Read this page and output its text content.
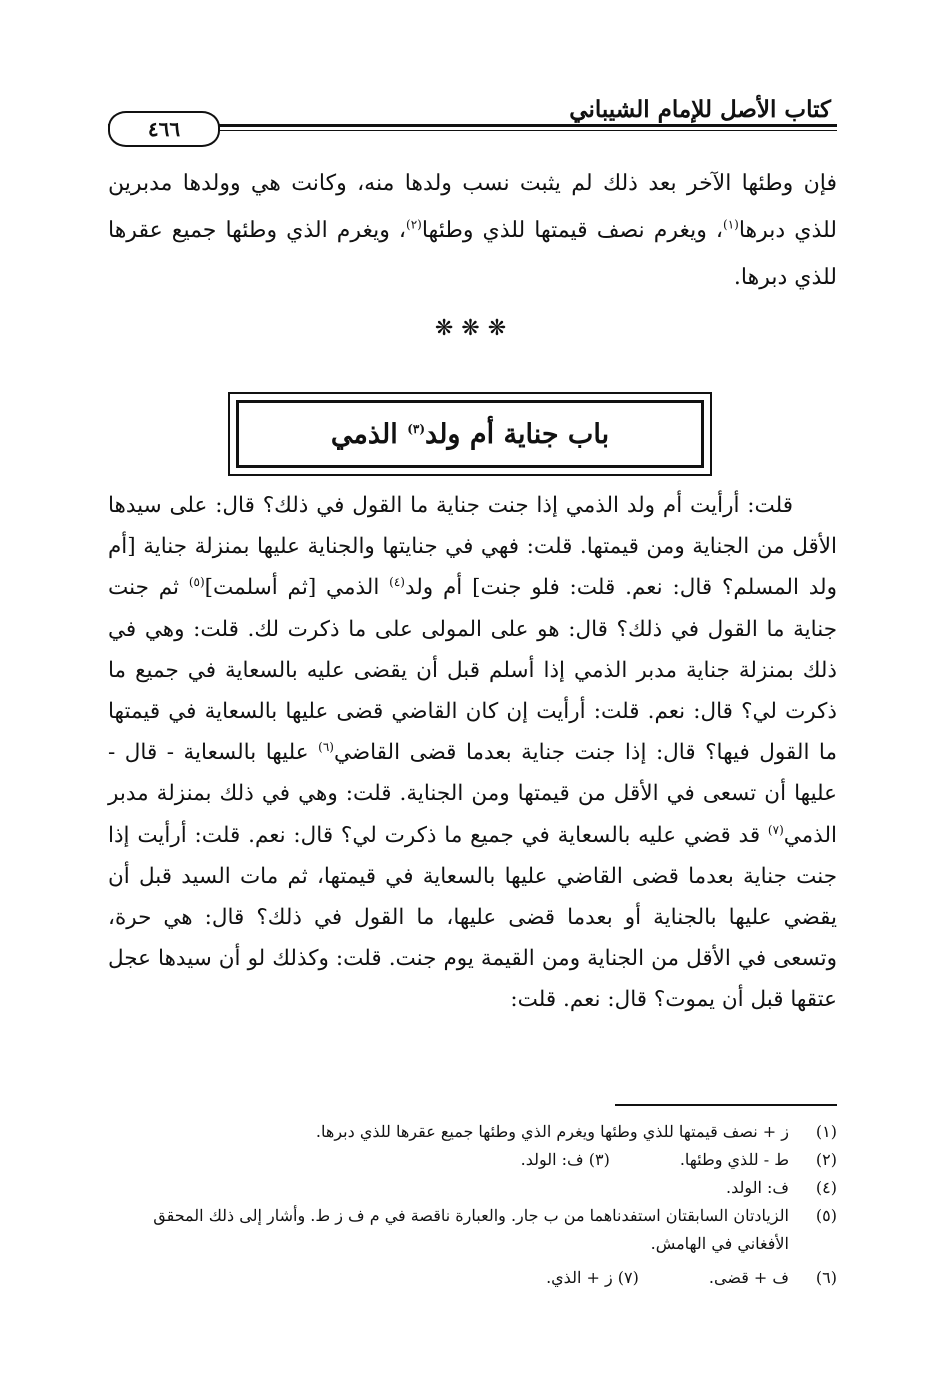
كتاب الأصل للإمام الشيباني
٤٦٦
فإن وطئها الآخر بعد ذلك لم يثبت نسب ولدها منه، وكانت هي وولدها مدبرين للذي دبرها$^{(١)}$، ويغرم نصف قيمتها للذي وطئها$^{(٢)}$، ويغرم الذي وطئها جميع عقرها للذي دبرها.
❋❋❋
باب جناية أم ولد$^{(٣)}$ الذمي
قلت: أرأيت أم ولد الذمي إذا جنت جناية ما القول في ذلك؟ قال: على سيدها الأقل من الجناية ومن قيمتها. قلت: فهي في جنايتها والجناية عليها بمنزلة جناية [أم ولد المسلم؟ قال: نعم. قلت: فلو جنت] أم ولد$^{(٤)}$ الذمي [ثم أسلمت]$^{(٥)}$ ثم جنت جناية ما القول في ذلك؟ قال: هو على المولى على ما ذكرت لك. قلت: وهي في ذلك بمنزلة جناية مدبر الذمي إذا أسلم قبل أن يقضى عليه بالسعاية في جميع ما ذكرت لي؟ قال: نعم. قلت: أرأيت إن كان القاضي قضى عليها بالسعاية في قيمتها ما القول فيها؟ قال: إذا جنت جناية بعدما قضى القاضي$^{(٦)}$ عليها بالسعاية - قال - عليها أن تسعى في الأقل من قيمتها ومن الجناية. قلت: وهي في ذلك بمنزلة مدبر الذمي$^{(٧)}$ قد قضي عليه بالسعاية في جميع ما ذكرت لي؟ قال: نعم. قلت: أرأيت إذا جنت جناية بعدما قضى القاضي عليها بالسعاية في قيمتها، ثم مات السيد قبل أن يقضي عليها بالجناية أو بعدما قضى عليها، ما القول في ذلك؟ قال: هي حرة، وتسعى في الأقل من الجناية ومن القيمة يوم جنت. قلت: وكذلك لو أن سيدها عجل عتقها قبل أن يموت؟ قال: نعم. قلت:
(١)
ز + نصف قيمتها للذي وطئها ويغرم الذي وطئها جميع عقرها للذي دبرها.
(٢)
ط - للذي وطئها.(٣) ف: الولد.
(٤)
ف: الولد.
(٥)
الزيادتان السابقتان استفدناهما من ب جار. والعبارة ناقصة في م ف ز ط. وأشار إلى ذلك المحقق الأفغاني في الهامش.
(٦)
ف + قضى.(٧) ز + الذي.
